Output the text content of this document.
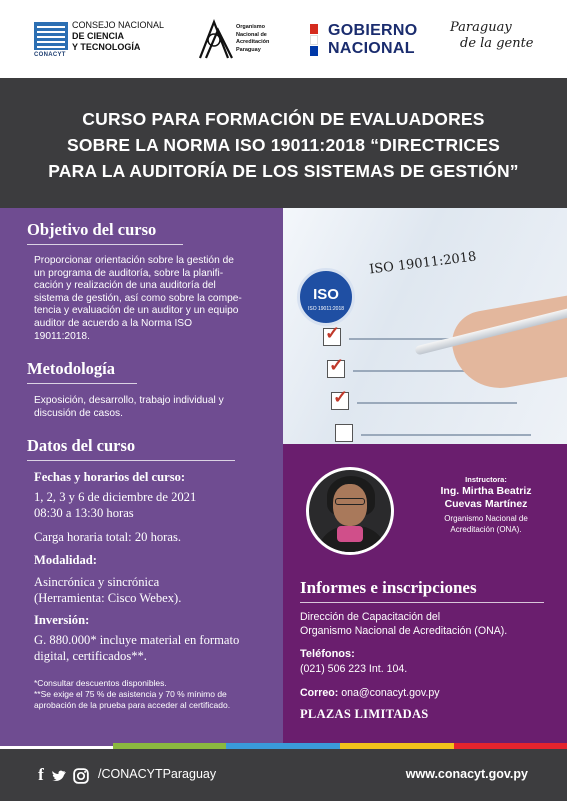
CONACYT
CONSEJO NACIONAL
DE CIENCIA
Y TECNOLOGÍA
Organismo
Nacional de
Acreditación
Paraguay
GOBIERNO
NACIONAL
Paraguay
de la gente
CURSO PARA FORMACIÓN DE EVALUADORES
SOBRE LA NORMA ISO 19011:2018 “DIRECTRICES
PARA LA AUDITORÍA DE LOS SISTEMAS DE GESTIÓN”
Objetivo del curso
Proporcionar orientación sobre la gestión de
un programa de auditoría, sobre la planifi-
cación y realización de una auditoría del
sistema de gestión, así como sobre la compe-
tencia y evaluación de un auditor y un equipo
auditor de acuerdo a la Norma ISO
19011:2018.
Metodología
Exposición, desarrollo, trabajo individual y
discusión de casos.
Datos del curso
Fechas y horarios del curso:
1, 2, 3 y 6 de diciembre de 2021
08:30 a 13:30 horas
Carga horaria total: 20 horas.
Modalidad:
Asincrónica y sincrónica
(Herramienta: Cisco Webex).
Inversión:
G. 880.000* incluye material en formato
digital, certificados**.
*Consultar descuentos disponibles.
**Se exige el 75 % de asistencia y 70 % mínimo de
aprobación de la prueba para acceder al certificado.
ISO
ISO 19011:2018
ISO 19011:2018
✓
✓
✓
Instructora:
Ing. Mirtha Beatriz
Cuevas Martínez
Organismo Nacional de
Acreditación (ONA).
Informes e inscripciones
Dirección de Capacitación del
Organismo Nacional de Acreditación (ONA).
Teléfonos:
(021) 506 223 Int. 104.
Correo: ona@conacyt.gov.py
PLAZAS LIMITADAS
f	/CONACYTParaguay	www.conacyt.gov.py
